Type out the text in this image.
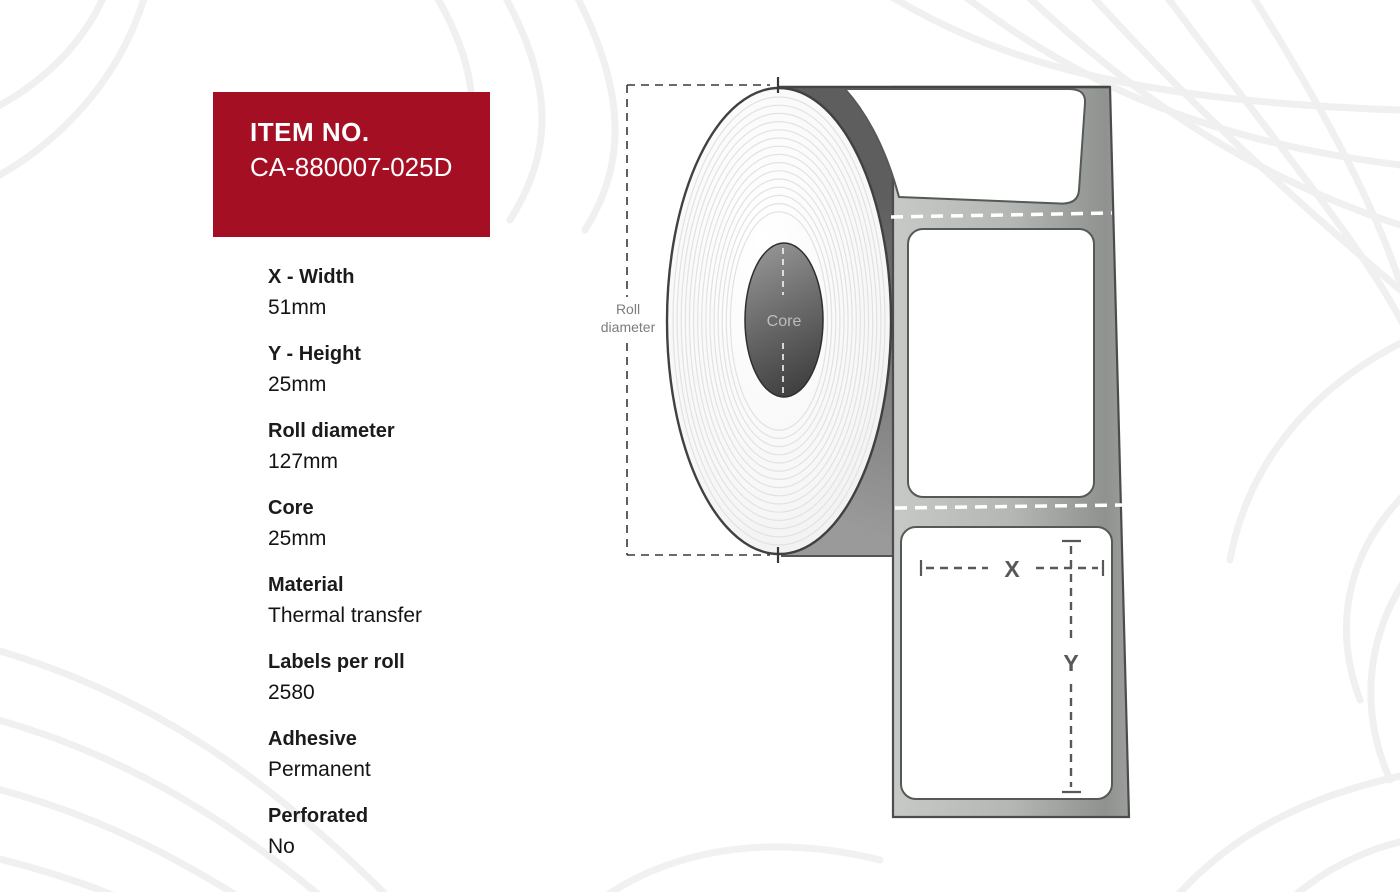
Core
Roll
diameter
X
Y
ITEM NO.
CA-880007-025D
X - Width
51mm
Y - Height
25mm
Roll diameter
127mm
Core
25mm
Material
Thermal transfer
Labels per roll
2580
Adhesive
Permanent
Perforated
No
